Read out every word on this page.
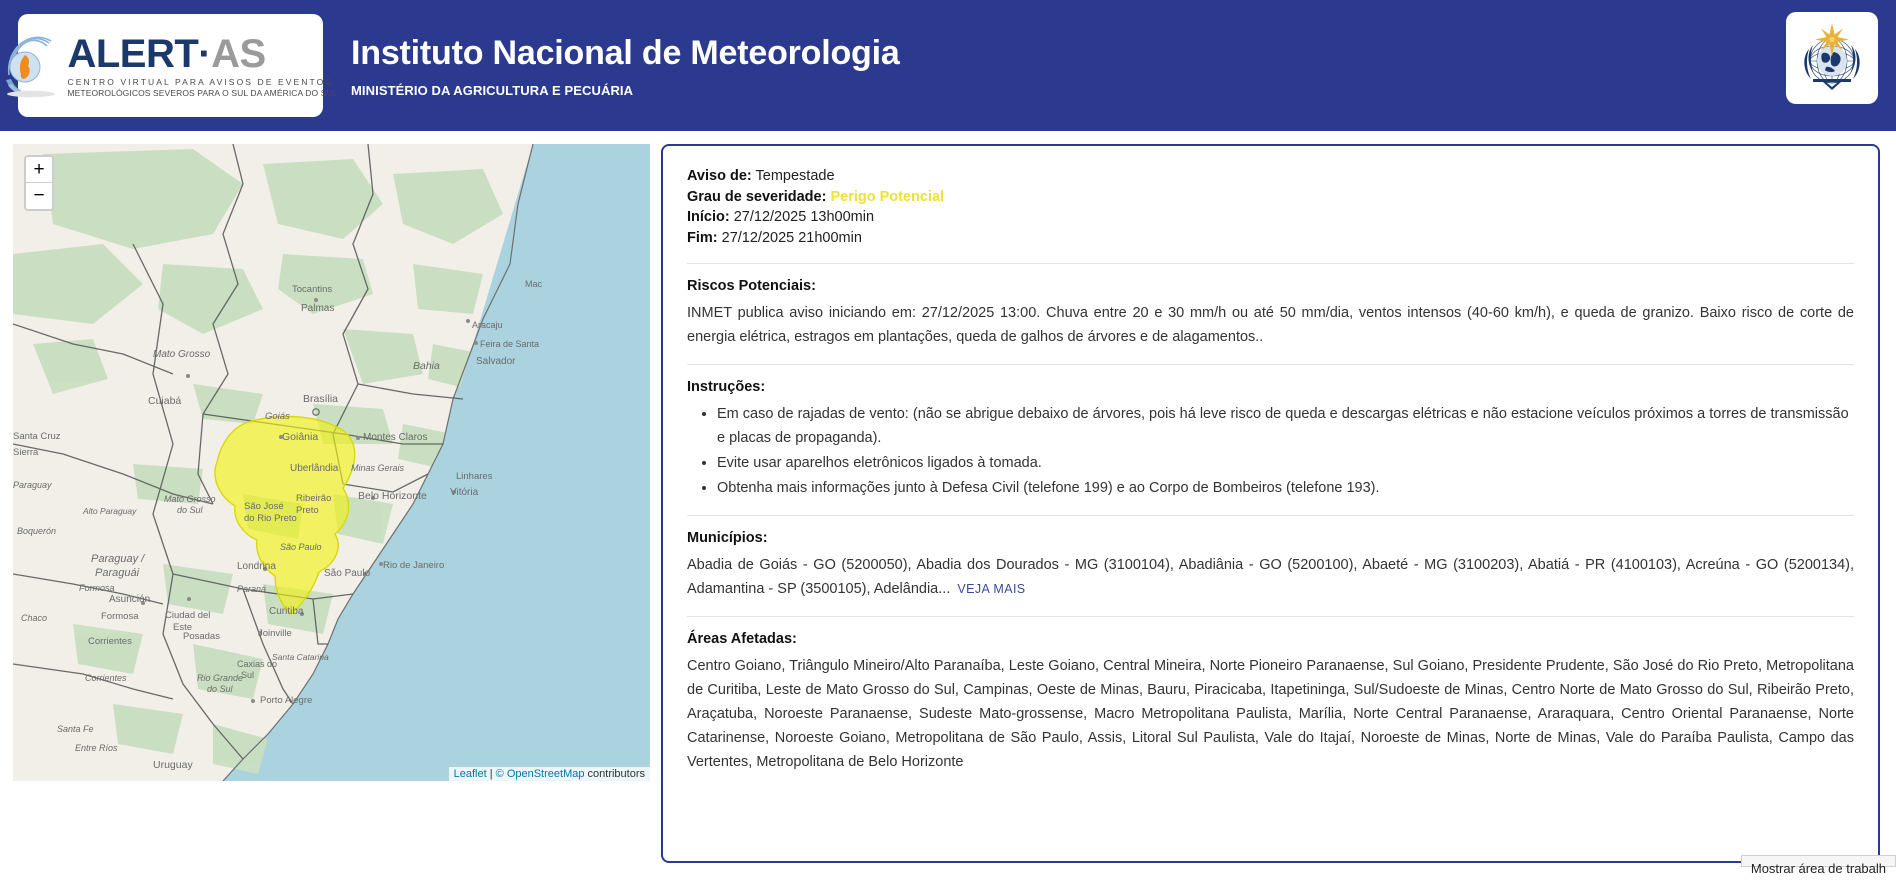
ALERT·AS
CENTRO VIRTUAL PARA AVISOS DE EVENTOS
METEOROLÓGICOS SEVEROS PARA O SUL DA AMÉRICA DO SUL
Instituto Nacional de Meteorologia
MINISTÉRIO DA AGRICULTURA E PECUÁRIA
Mostrar área de trabalh
Tocantins
Palmas
Mato Grosso
Cuiabá
Goiás
Goiânia
Brasília
Bahia	Salvador
Feira de Santa
Aracaju
Mac
Montes Claros
Minas Gerais
Uberlândia
Belo Horizonte
Linhares
Vitória
Mato Grosso
do Sul	São José
do Rio Preto
Ribeirão
Preto
São Paulo
São Paulo
Rio de Janeiro
Londrina
Paraná
Curitiba
Joinville
Santa Catarina
Rio Grande
do Sul
Porto Alegre
Caxias do
Sul
Paraguay /
Paraguái
Asunción
Alto Paraguay
Boquerón
Formosa
Formosa
Chaco
Corrientes	Posadas
Ciudad del
Este
Corrientes
Uruguay
Santa Fe
Entre Ríos
Santa Cruz
Sierra
Paraguay
+
−
Leaflet | © OpenStreetMap contributors
Aviso de: Tempestade
Grau de severidade: Perigo Potencial
Início: 27/12/2025 13h00min
Fim: 27/12/2025 21h00min
Riscos Potenciais:
INMET publica aviso iniciando em: 27/12/2025 13:00. Chuva entre 20 e 30 mm/h ou até 50 mm/dia, ventos intensos (40-60 km/h), e queda de granizo. Baixo risco de corte de energia elétrica, estragos em plantações, queda de galhos de árvores e de alagamentos..
Instruções:
• Em caso de rajadas de vento: (não se abrigue debaixo de árvores, pois há leve risco de queda e descargas elétricas e não estacione veículos próximos a torres de transmissão e placas de propaganda).
• Evite usar aparelhos eletrônicos ligados à tomada.
• Obtenha mais informações junto à Defesa Civil (telefone 199) e ao Corpo de Bombeiros (telefone 193).
Municípios:
Abadia de Goiás - GO (5200050), Abadia dos Dourados - MG (3100104), Abadiânia - GO (5200100), Abaeté - MG (3100203), Abatiá - PR (4100103), Acreúna - GO (5200134), Adamantina - SP (3500105), Adelândia... VEJA MAIS
Áreas Afetadas:
Centro Goiano, Triângulo Mineiro/Alto Paranaíba, Leste Goiano, Central Mineira, Norte Pioneiro Paranaense, Sul Goiano, Presidente Prudente, São José do Rio Preto, Metropolitana de Curitiba, Leste de Mato Grosso do Sul, Campinas, Oeste de Minas, Bauru, Piracicaba, Itapetininga, Sul/Sudoeste de Minas, Centro Norte de Mato Grosso do Sul, Ribeirão Preto, Araçatuba, Noroeste Paranaense, Sudeste Mato-grossense, Macro Metropolitana Paulista, Marília, Norte Central Paranaense, Araraquara, Centro Oriental Paranaense, Norte Catarinense, Noroeste Goiano, Metropolitana de São Paulo, Assis, Litoral Sul Paulista, Vale do Itajaí, Noroeste de Minas, Norte de Minas, Vale do Paraíba Paulista, Campo das Vertentes, Metropolitana de Belo Horizonte
